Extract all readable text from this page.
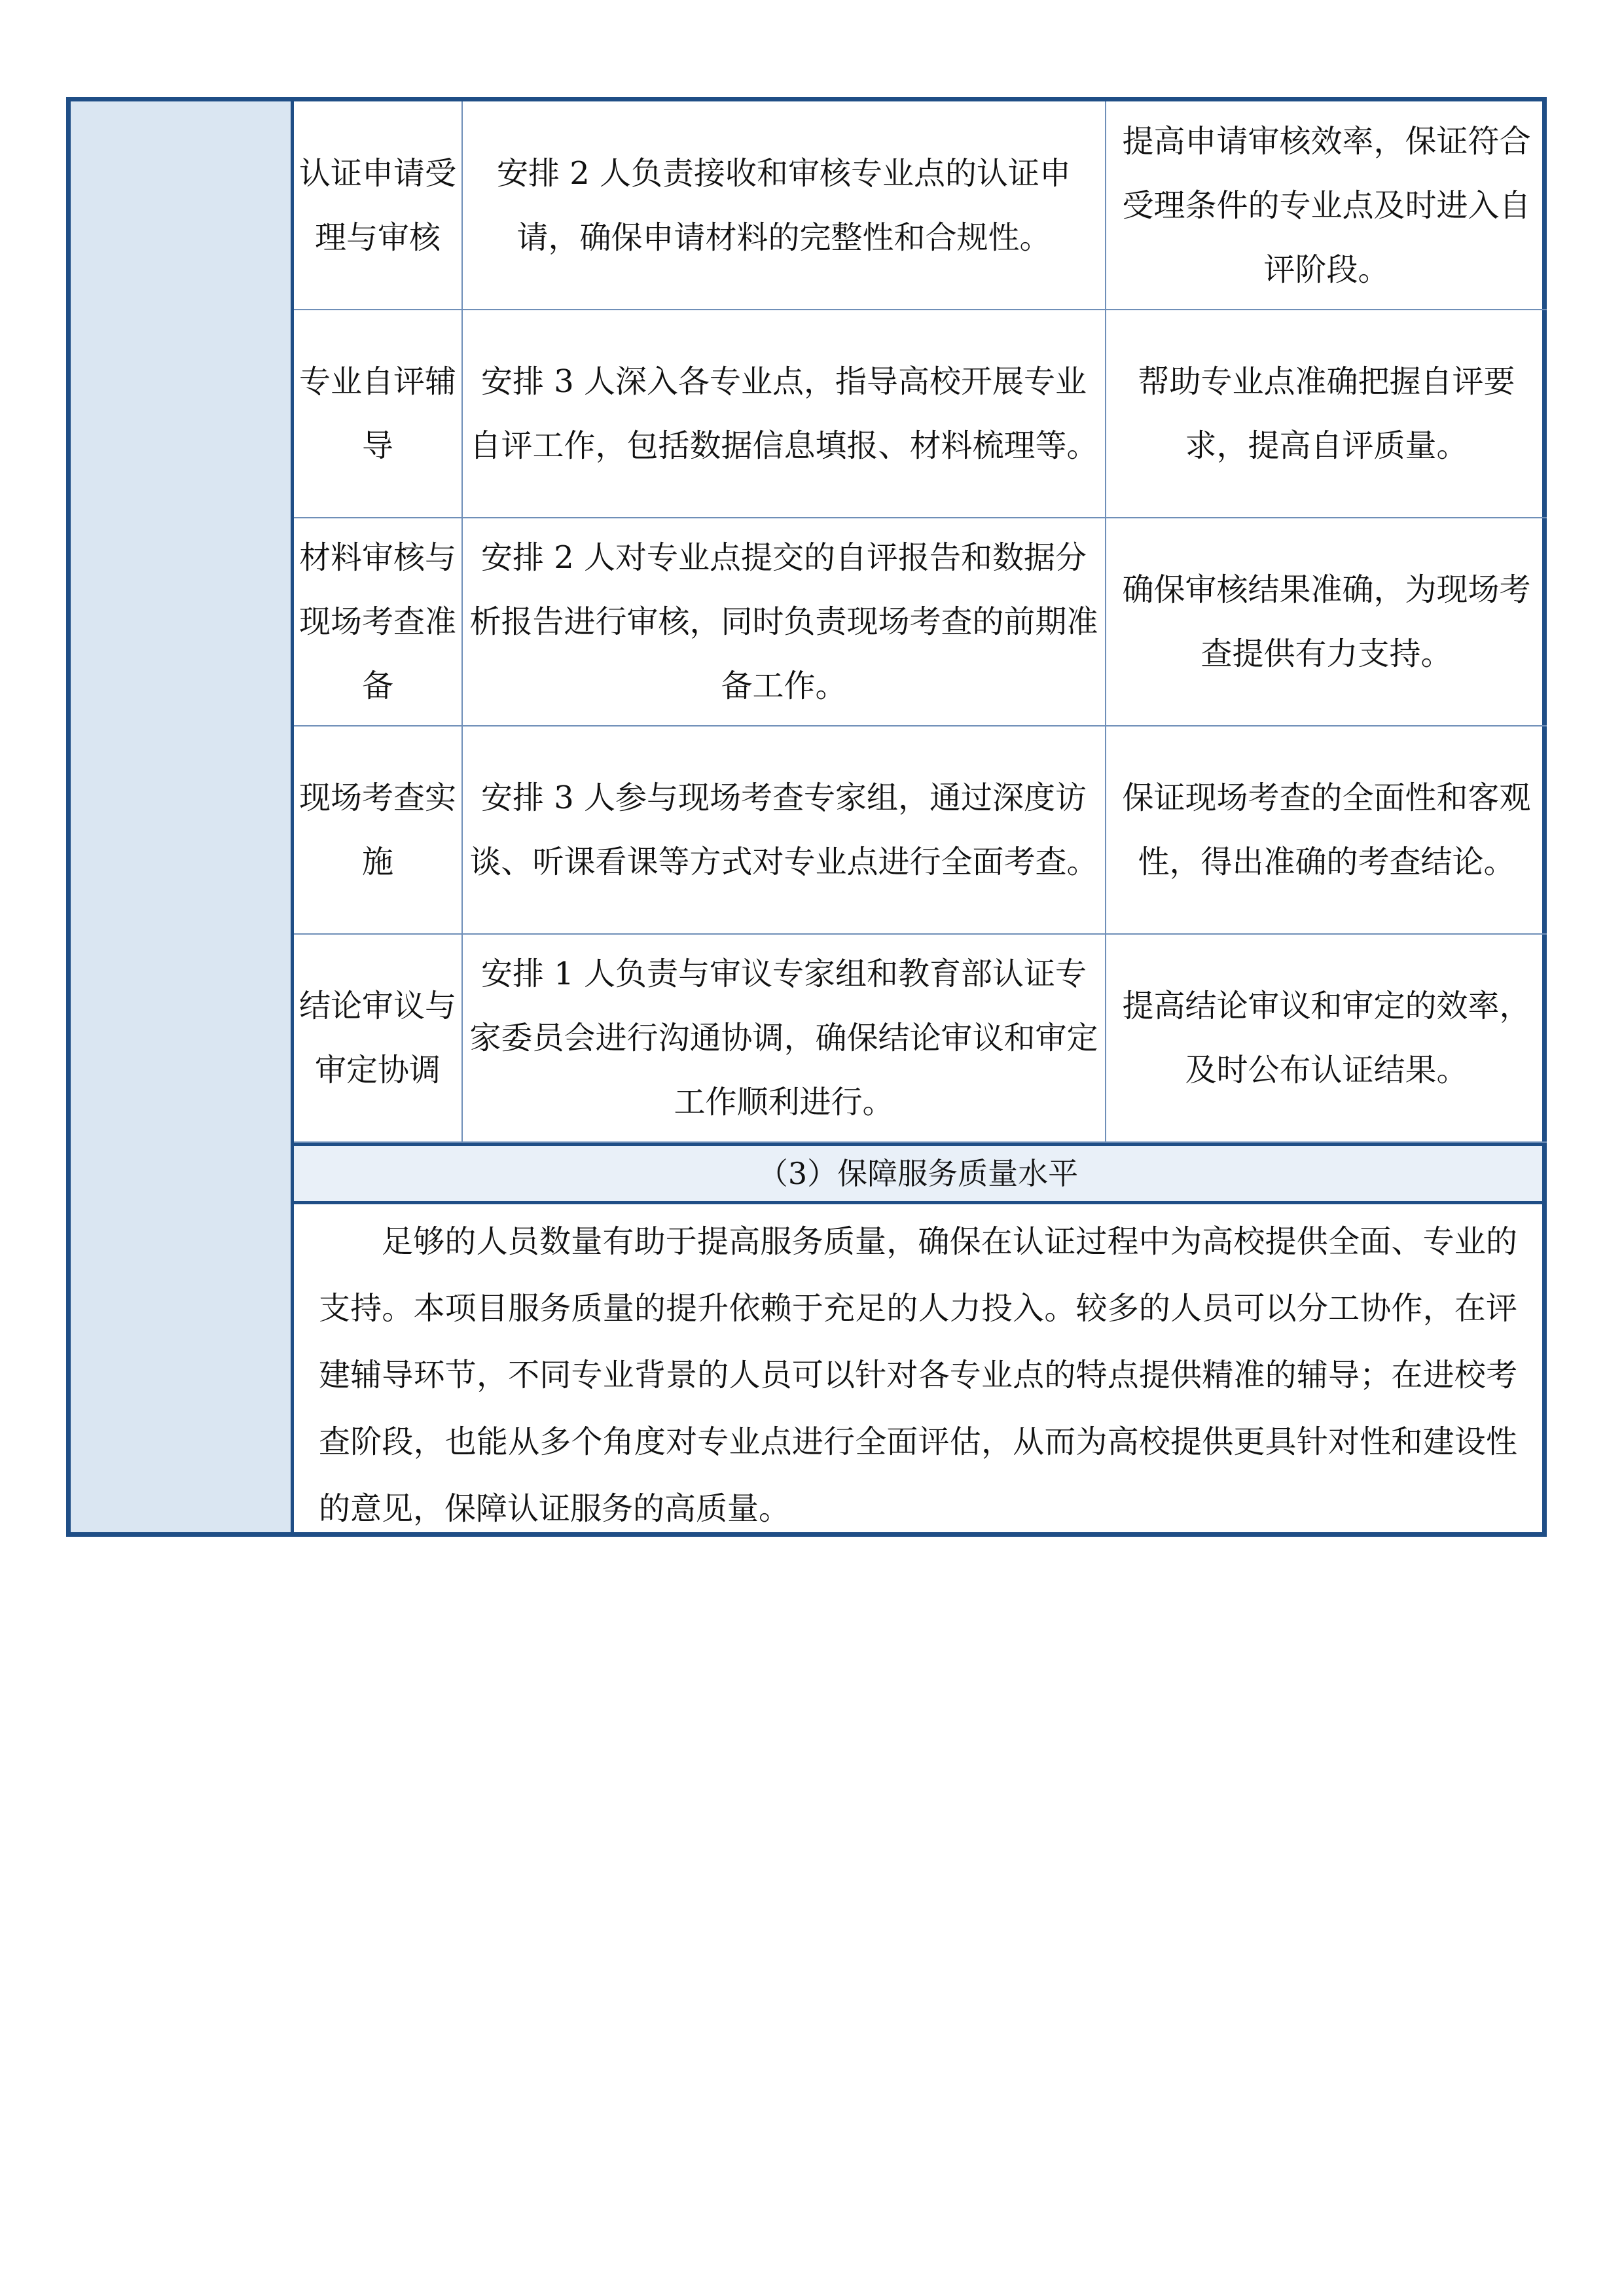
认证申请受理与审核	安排 2 人负责接收和审核专业点的认证申请，确保申请材料的完整性和合规性。	提高申请审核效率，保证符合受理条件的专业点及时进入自评阶段。
专业自评辅导	安排 3 人深入各专业点，指导高校开展专业自评工作，包括数据信息填报、材料梳理等。	帮助专业点准确把握自评要求，提高自评质量。
材料审核与现场考查准备	安排 2 人对专业点提交的自评报告和数据分析报告进行审核，同时负责现场考查的前期准备工作。	确保审核结果准确，为现场考查提供有力支持。
现场考查实施	安排 3 人参与现场考查专家组，通过深度访谈、听课看课等方式对专业点进行全面考查。	保证现场考查的全面性和客观性，得出准确的考查结论。
结论审议与审定协调	安排 1 人负责与审议专家组和教育部认证专家委员会进行沟通协调，确保结论审议和审定工作顺利进行。	提高结论审议和审定的效率，及时公布认证结果。
（3）保障服务质量水平
足够的人员数量有助于提高服务质量，确保在认证过程中为高校提供全面、专业的支持。本项目服务质量的提升依赖于充足的人力投入。较多的人员可以分工协作，在评建辅导环节，不同专业背景的人员可以针对各专业点的特点提供精准的辅导；在进校考查阶段，也能从多个角度对专业点进行全面评估，从而为高校提供更具针对性和建设性的意见，保障认证服务的高质量。
